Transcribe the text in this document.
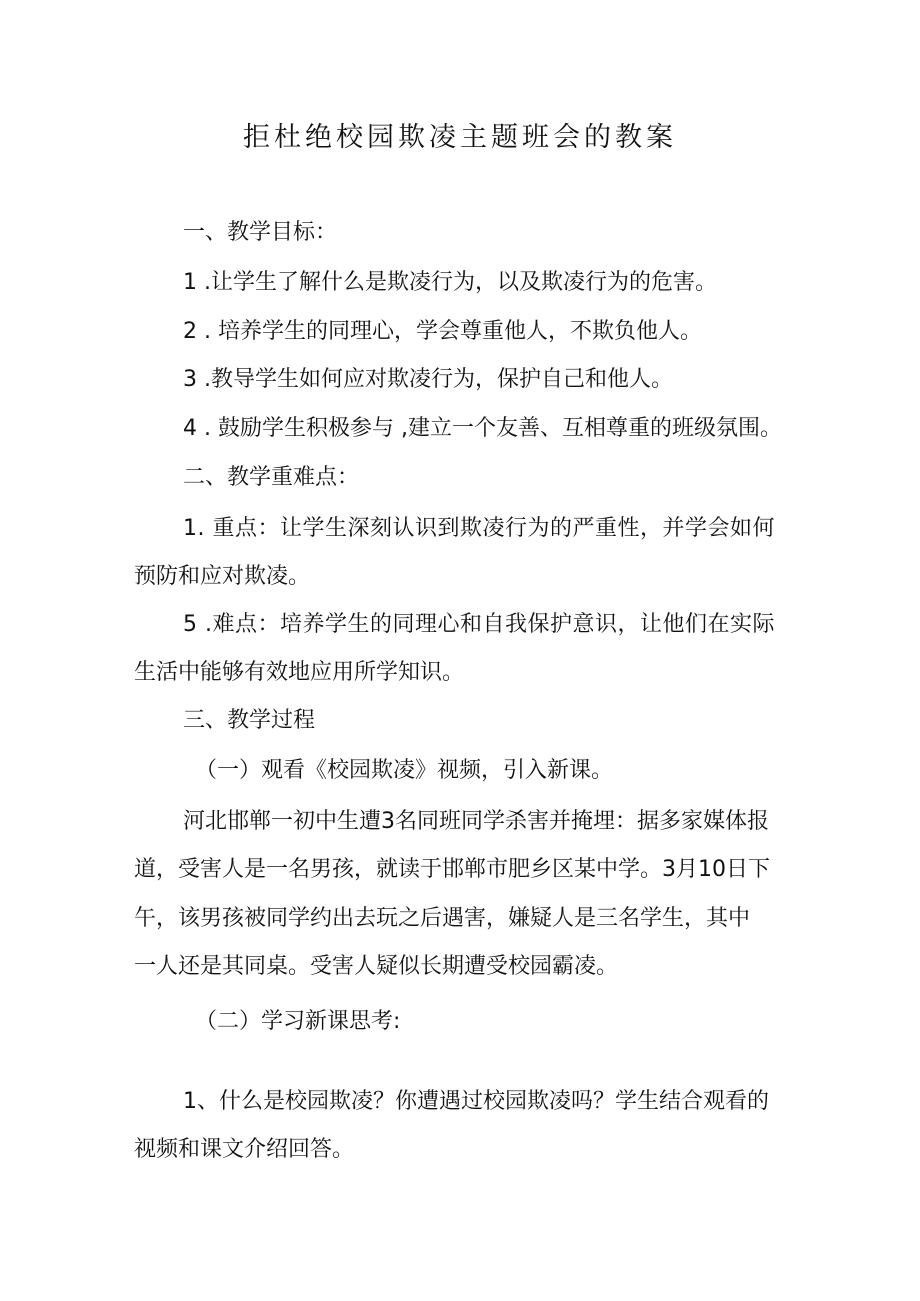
拒杜绝校园欺凌主题班会的教案
一、教学目标：
1 .让学生了解什么是欺凌行为，以及欺凌行为的危害。
2 . 培养学生的同理心，学会尊重他人，不欺负他人。
3 .教导学生如何应对欺凌行为，保护自己和他人。
4 . 鼓励学生积极参与 ,建立一个友善、互相尊重的班级氛围。
二、教学重难点：
1. 重点：让学生深刻认识到欺凌行为的严重性，并学会如何
预防和应对欺凌。
5 .难点：培养学生的同理心和自我保护意识，让他们在实际
生活中能够有效地应用所学知识。
三、教学过程
（一）观看《校园欺凌》视频，引入新课。
河北邯郸一初中生遭3名同班同学杀害并掩埋：据多家媒体报
道，受害人是一名男孩，就读于邯郸市肥乡区某中学。3月10日下
午，该男孩被同学约出去玩之后遇害，嫌疑人是三名学生，其中
一人还是其同桌。受害人疑似长期遭受校园霸凌。
（二）学习新课思考:
1、什么是校园欺凌？你遭遇过校园欺凌吗？学生结合观看的
视频和课文介绍回答。
